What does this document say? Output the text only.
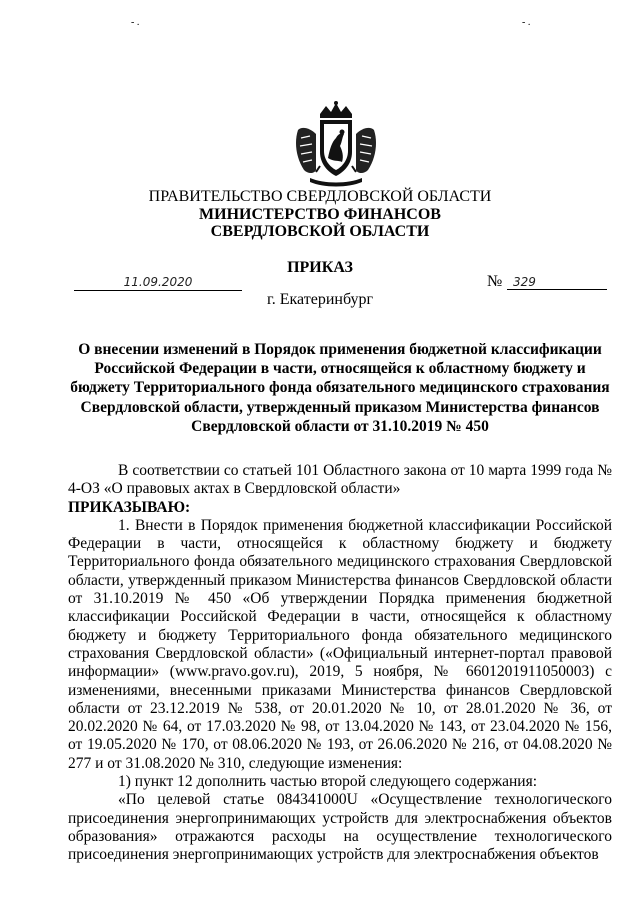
- .	- .
ПРАВИТЕЛЬСТВО СВЕРДЛОВСКОЙ ОБЛАСТИ
МИНИСТЕРСТВО ФИНАНСОВ
СВЕРДЛОВСКОЙ ОБЛАСТИ
ПРИКАЗ
11.09.2020	№ 329
г. Екатеринбург
О внесении изменений в Порядок применения бюджетной классификации Российской Федерации в части, относящейся к областному бюджету и бюджету Территориального фонда обязательного медицинского страхования Свердловской области, утвержденный приказом Министерства финансов Свердловской области от 31.10.2019 № 450

В соответствии со статьей 101 Областного закона от 10 марта 1999 года № 4-ОЗ «О правовых актах в Свердловской области»

ПРИКАЗЫВАЮ:

1. Внести в Порядок применения бюджетной классификации Российской Федерации в части, относящейся к областному бюджету и бюджету Территориального фонда обязательного медицинского страхования Свердловской области, утвержденный приказом Министерства финансов Свердловской области от 31.10.2019 № 450 «Об утверждении Порядка применения бюджетной классификации Российской Федерации в части, относящейся к областному бюджету и бюджету Территориального фонда обязательного медицинского страхования Свердловской области» («Официальный интернет-портал правовой информации» (www.pravo.gov.ru), 2019, 5 ноября, № 6601201911050003) с изменениями, внесенными приказами Министерства финансов Свердловской области от 23.12.2019 № 538, от 20.01.2020 № 10, от 28.01.2020 № 36, от 20.02.2020 № 64, от 17.03.2020 № 98, от 13.04.2020 № 143, от 23.04.2020 № 156, от 19.05.2020 № 170, от 08.06.2020 № 193, от 26.06.2020 № 216, от 04.08.2020 № 277 и от 31.08.2020 № 310, следующие изменения:

1) пункт 12 дополнить частью второй следующего содержания:

«По целевой статье 084341000U «Осуществление технологического присоединения энергопринимающих устройств для электроснабжения объектов образования» отражаются расходы на осуществление технологического присоединения энергопринимающих устройств для электроснабжения объектов
